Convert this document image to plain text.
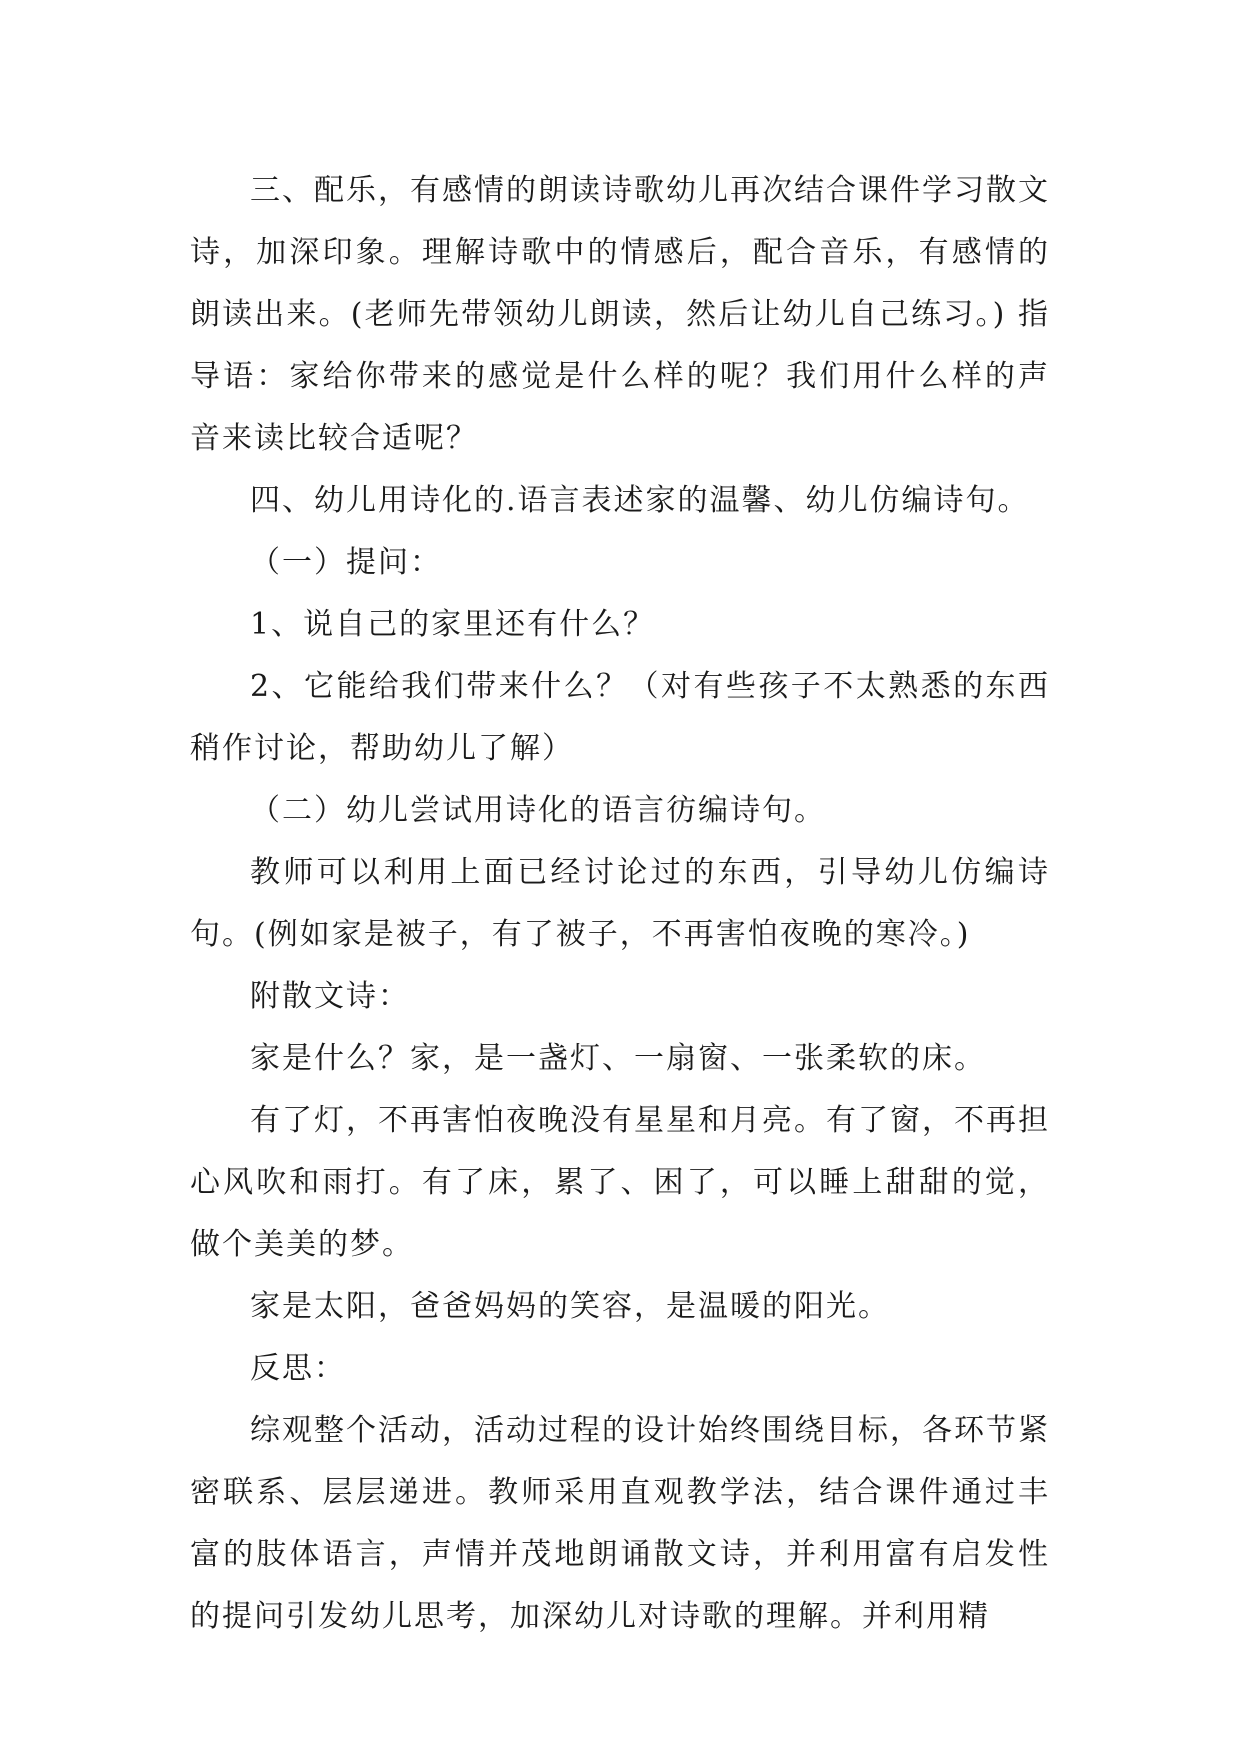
三、配乐，有感情的朗读诗歌幼儿再次结合课件学习散文诗，加深印象。理解诗歌中的情感后，配合音乐，有感情的朗读出来。(老师先带领幼儿朗读，然后让幼儿自己练习。) 指导语：家给你带来的感觉是什么样的呢？我们用什么样的声音来读比较合适呢？

四、幼儿用诗化的.语言表述家的温馨、幼儿仿编诗句。

（一）提问：

1、说自己的家里还有什么？

2、它能给我们带来什么？（对有些孩子不太熟悉的东西稍作讨论，帮助幼儿了解）

（二）幼儿尝试用诗化的语言彷编诗句。

教师可以利用上面已经讨论过的东西，引导幼儿仿编诗句。(例如家是被子，有了被子，不再害怕夜晚的寒冷。)

附散文诗：

家是什么？家，是一盏灯、一扇窗、一张柔软的床。

有了灯，不再害怕夜晚没有星星和月亮。有了窗，不再担心风吹和雨打。有了床，累了、困了，可以睡上甜甜的觉，做个美美的梦。

家是太阳，爸爸妈妈的笑容，是温暖的阳光。

反思：

综观整个活动，活动过程的设计始终围绕目标，各环节紧密联系、层层递进。教师采用直观教学法，结合课件通过丰富的肢体语言，声情并茂地朗诵散文诗，并利用富有启发性的提问引发幼儿思考，加深幼儿对诗歌的理解。并利用精
